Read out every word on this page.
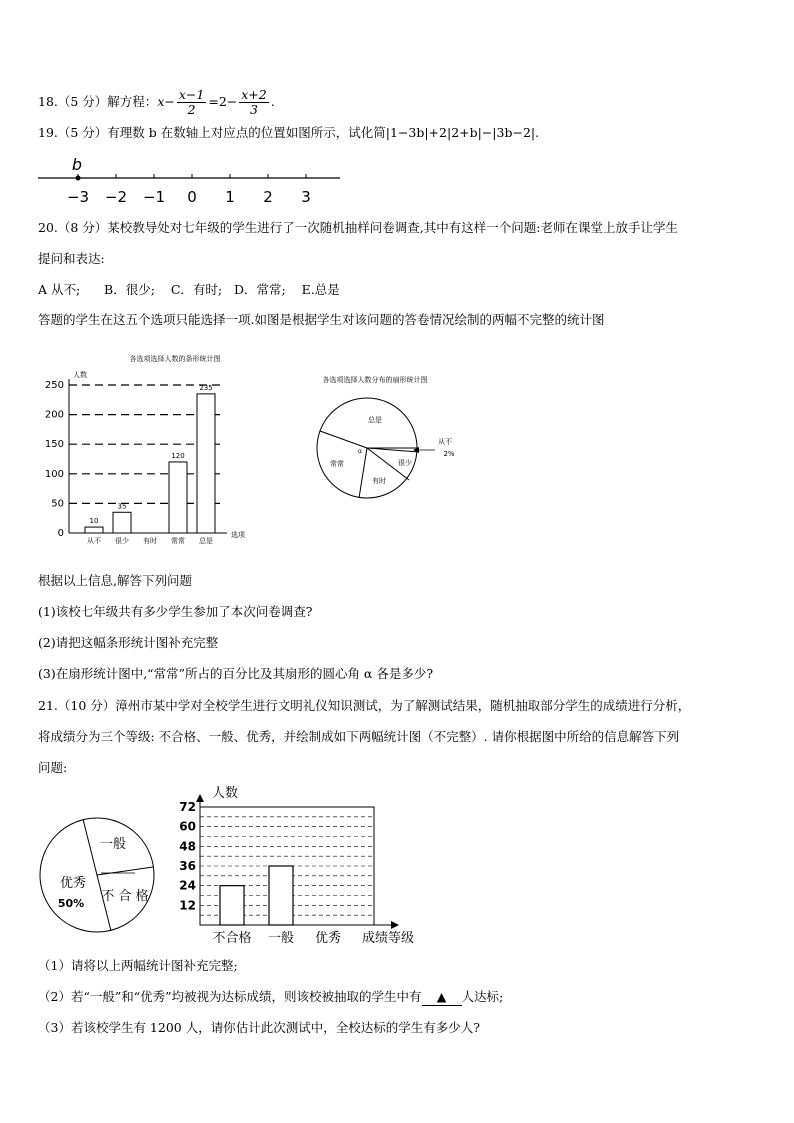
18.（5 分）解方程：$x- \frac{x-1}{2} =2- \frac{x+2}{3}$ .
19.（5 分）有理数 b 在数轴上对应点的位置如图所示，试化简|1−3b|+2|2+b|−|3b−2|.
−3 −2 −1 0 1 2 3
b
20.（8 分）某校教导处对七年级的学生进行了一次随机抽样问卷调查,其中有这样一个问题:老师在课堂上放手让学生
提问和表达:
A 从不;      B．很少;    C．有时;   D．常常;    E.总是
答题的学生在这五个选项只能选择一项.如图是根据学生对该问题的答卷情况绘制的两幅不完整的统计图
各选项选择人数的条形统计图
人数
0
50
100
150
200
250
从不
10
很少
35
有时 常常
120
总是
235
选项
各选项选择人数分布的扇形统计图
总是
常常
有时
很少
α
从不
2%
根据以上信息,解答下列问题
(1)该校七年级共有多少学生参加了本次问卷调查?
(2)请把这幅条形统计图补充完整
(3)在扇形统计图中,“常常”所占的百分比及其扇形的圆心角 α 各是多少?
21.（10 分）漳州市某中学对全校学生进行文明礼仪知识测试，为了解测试结果，随机抽取部分学生的成绩进行分析，
将成绩分为三个等级: 不合格、一般、优秀，并绘制成如下两幅统计图（不完整）. 请你根据图中所给的信息解答下列
问题:
一般
优秀
50% 不 合 格
人数
12
24
36
48
60
72
不合格 一般 优秀 成绩等级
（1）请将以上两幅统计图补充完整;
（2）若“一般”和“优秀”均被视为达标成绩，则该校被抽取的学生中有 ▲ 人达标;
（3）若该校学生有 1200 人，请你估计此次测试中，全校达标的学生有多少人?
